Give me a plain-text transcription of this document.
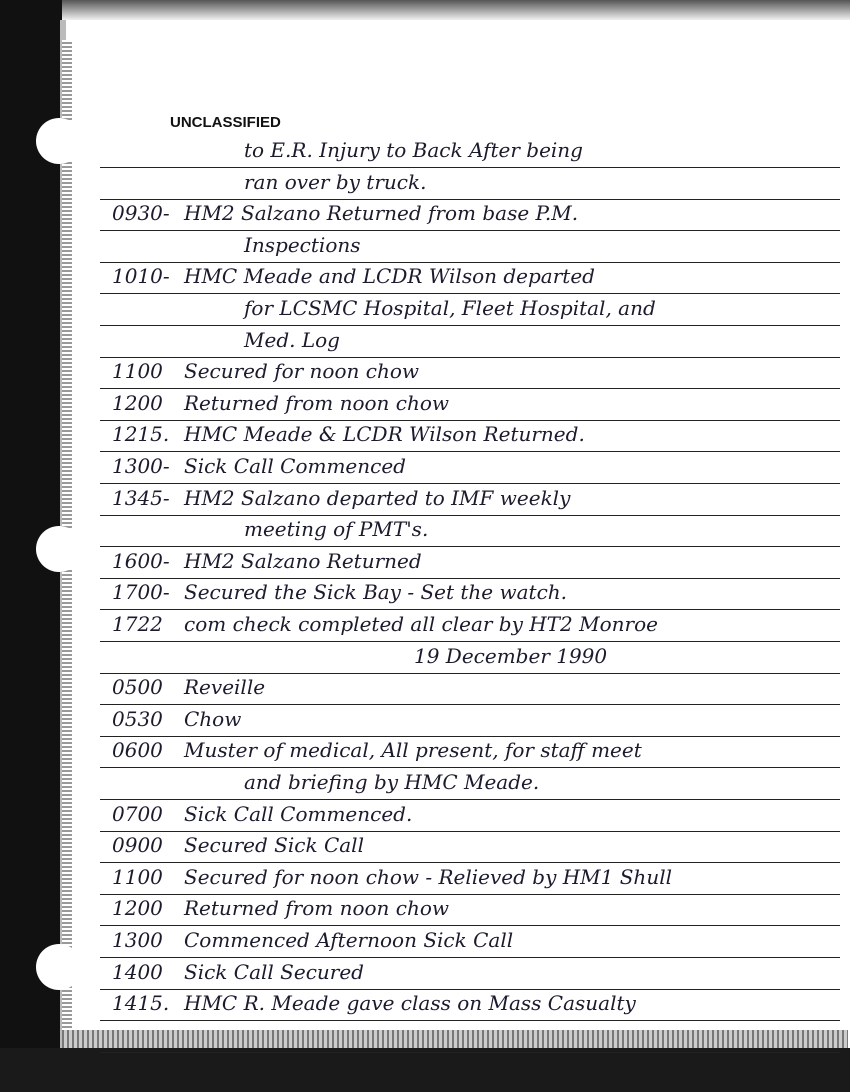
UNCLASSIFIED
to E.R. Injury to Back After being
ran over by truck.
0930- HM2 Salzano Returned from base P.M.
Inspections
1010- HMC Meade and LCDR Wilson departed
for LCSMC Hospital, Fleet Hospital, and
Med. Log
1100 Secured for noon chow
1200 Returned from noon chow
1215. HMC Meade & LCDR Wilson Returned.
1300- Sick Call Commenced
1345- HM2 Salzano departed to IMF weekly
meeting of PMT's.
1600- HM2 Salzano Returned
1700- Secured the Sick Bay - Set the watch.
1722 com check completed all clear by HT2 Monroe
19 December 1990
0500 Reveille
0530 Chow
0600 Muster of medical, All present, for staff meet
and briefing by HMC Meade.
0700 Sick Call Commenced.
0900 Secured Sick Call
1100 Secured for noon chow - Relieved by HM1 Shull
1200 Returned from noon chow
1300 Commenced Afternoon Sick Call
1400 Sick Call Secured
1415. HMC R. Meade gave class on Mass Casualty
